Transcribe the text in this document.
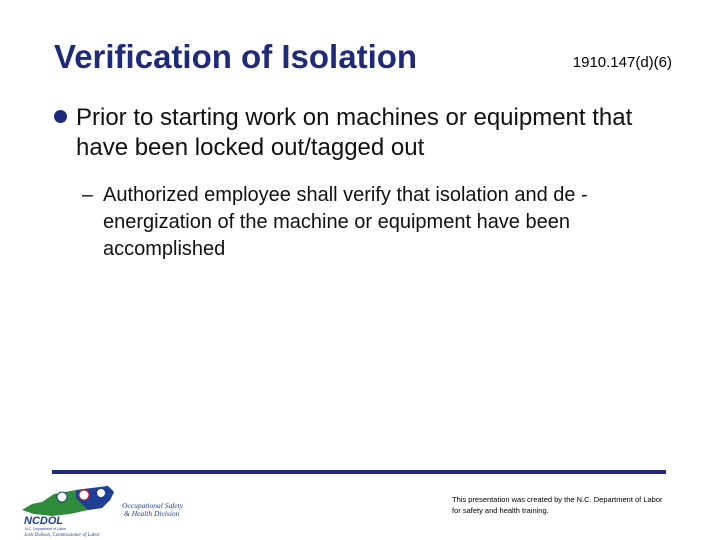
Verification of Isolation	1910.147(d)(6)
Prior to starting work on machines or equipment that have been locked out/tagged out
– Authorized employee shall verify that isolation and de -energization of the machine or equipment have been accomplished
NCDOL
N.C. Department of Labor
Occupational Safety
& Health Division
Josh Dobson, Commissioner of Labor
This presentation was created by the N.C. Department of Labor for safety and health training.
